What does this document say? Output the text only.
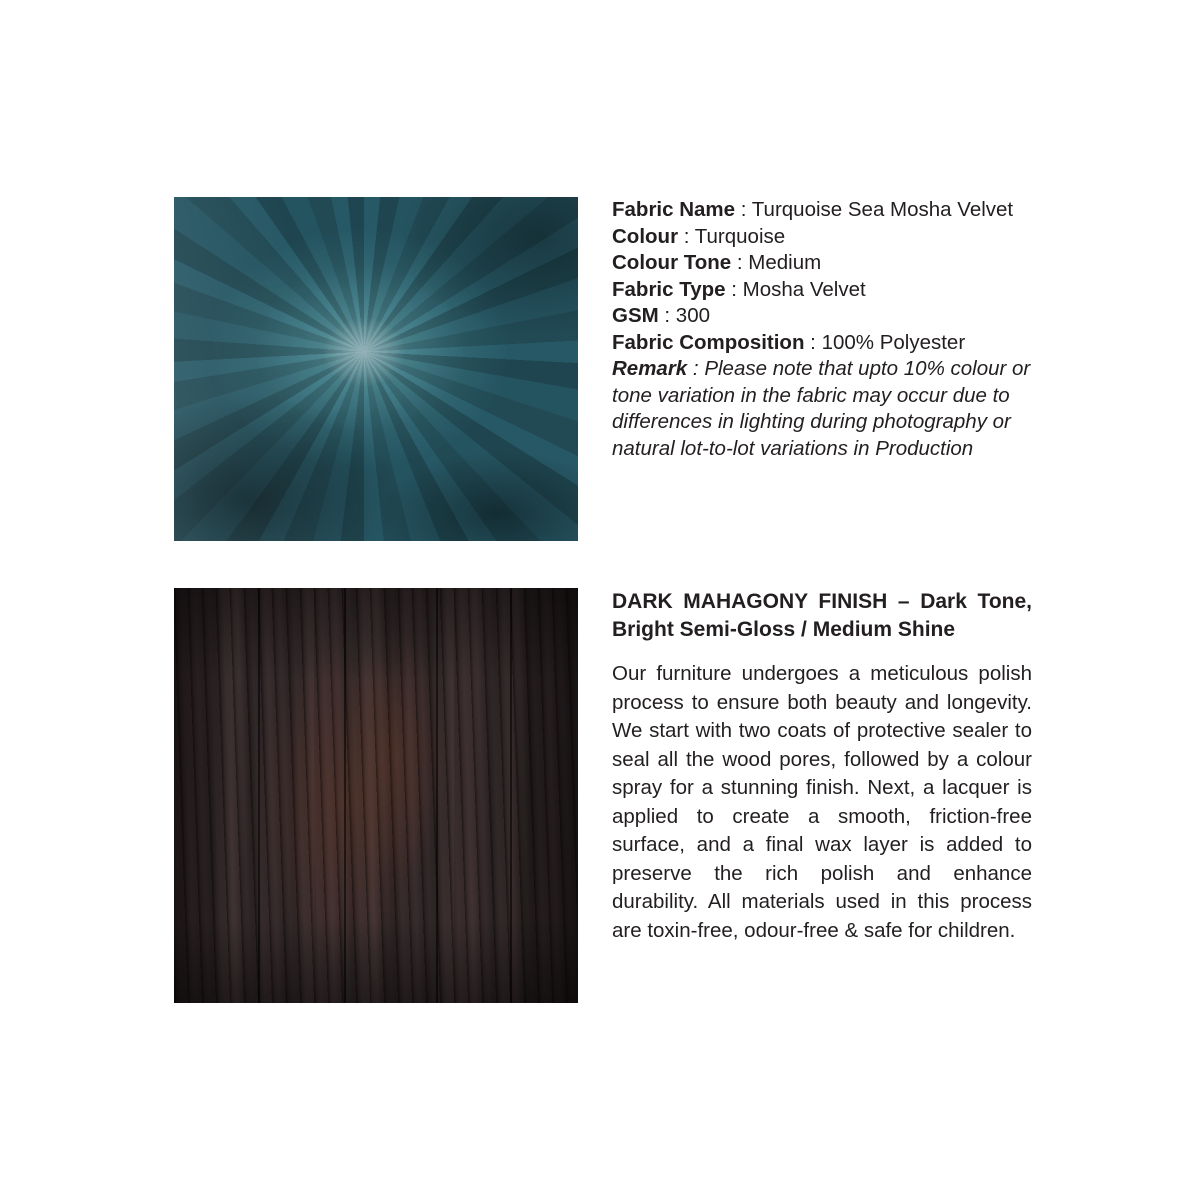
Fabric Name : Turquoise Sea Mosha Velvet
Colour : Turquoise
Colour Tone : Medium
Fabric Type : Mosha Velvet
GSM : 300
Fabric Composition : 100% Polyester
Remark : Please note that upto 10% colour or tone variation in the fabric may occur due to differences in lighting during photography or natural lot-to-lot variations in Production
DARK MAHAGONY FINISH – Dark Tone, Bright Semi-Gloss / Medium Shine
Our furniture undergoes a meticulous polish process to ensure both beauty and longevity. We start with two coats of protective sealer to seal all the wood pores, followed by a colour spray for a stunning finish. Next, a lacquer is applied to create a smooth, friction-free surface, and a final wax layer is added to preserve the rich polish and enhance durability. All materials used in this process are toxin-free, odour-free & safe for children.
